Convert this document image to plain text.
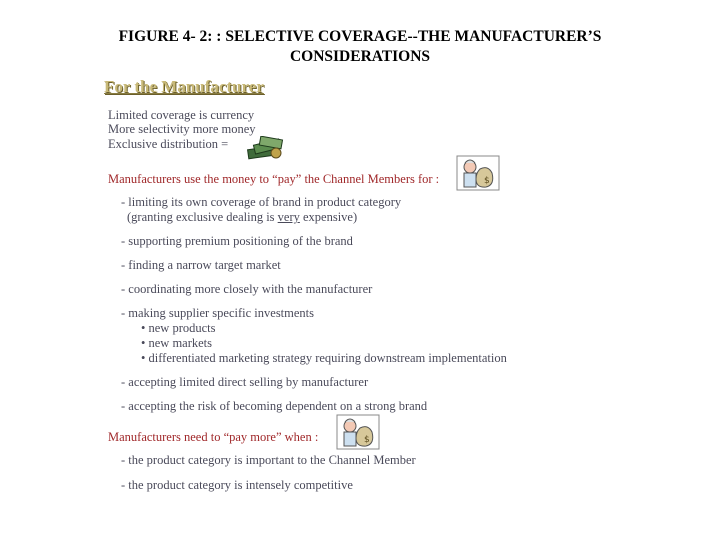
FIGURE 4- 2: : SELECTIVE COVERAGE--THE MANUFACTURER’S
CONSIDERATIONS
For the Manufacturer
Limited coverage is currency
More selectivity more money
Exclusive distribution =
Manufacturers use the money to “pay” the Channel Members for :	$
- limiting its own coverage of brand in product category
(granting exclusive dealing is very expensive)
- supporting premium positioning of the brand
- finding a narrow target market
- coordinating more closely with the manufacturer
- making supplier specific investments
• new products
• new markets
• differentiated marketing strategy requiring downstream implementation
- accepting limited direct selling by manufacturer
- accepting the risk of becoming dependent on a strong brand
Manufacturers need to “pay more” when :	$
- the product category is important to the Channel Member
- the product category is intensely competitive
